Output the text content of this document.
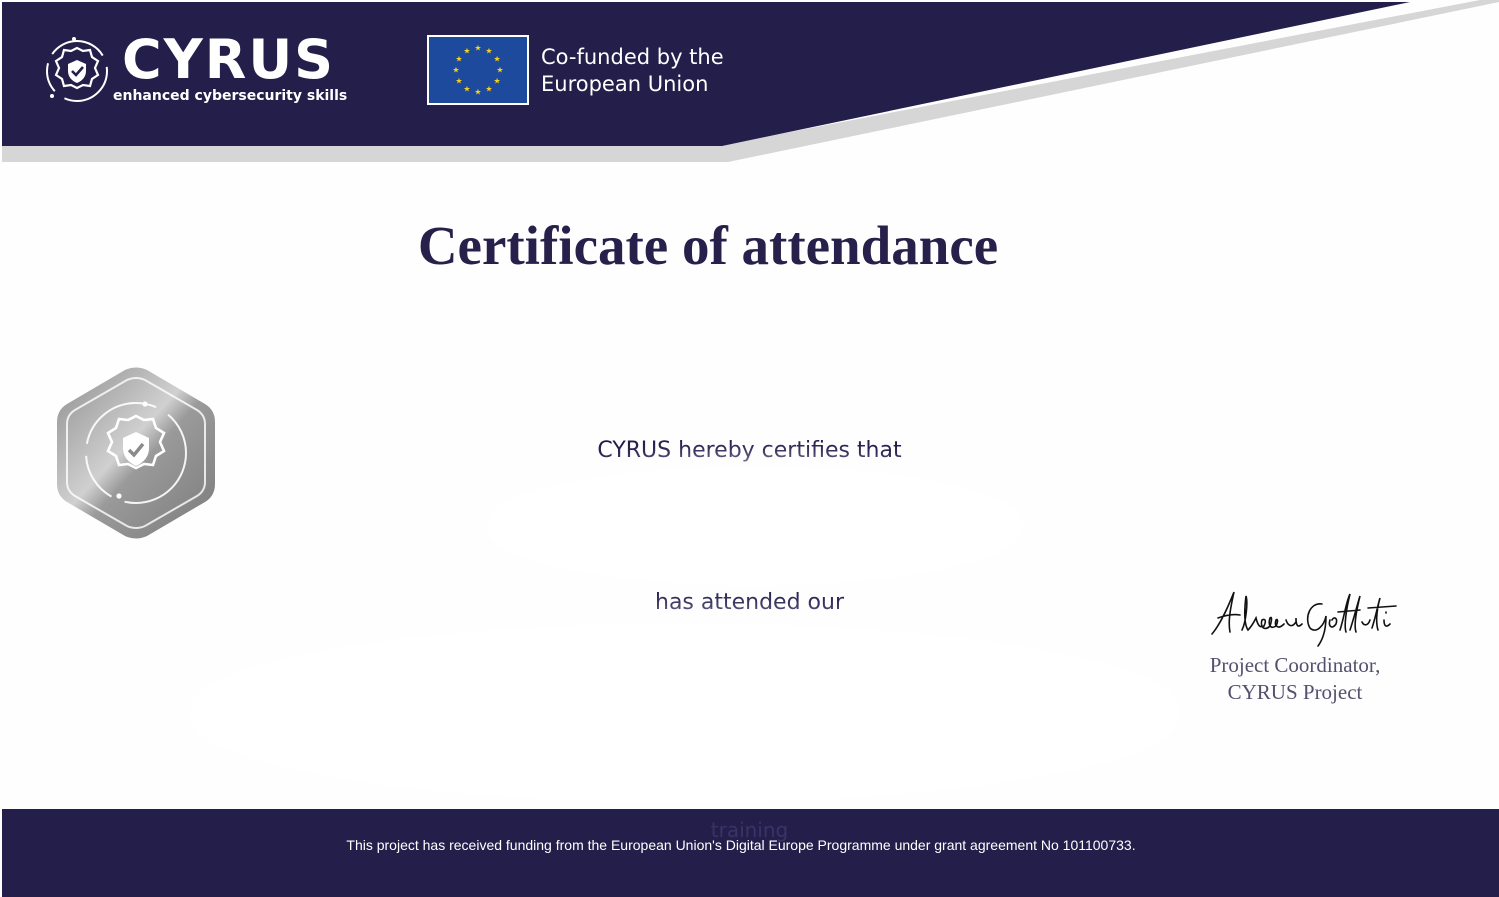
CYRUS
enhanced cybersecurity skills
★ ★
★
★
★
★
★
★
★
★
★
★	Co-funded by the
European Union
Certificate of attendance
CYRUS hereby certifies that
has attended our
Project Coordinator,
CYRUS Project
training
This project has received funding from the European Union's Digital Europe Programme under grant agreement No 101100733.
